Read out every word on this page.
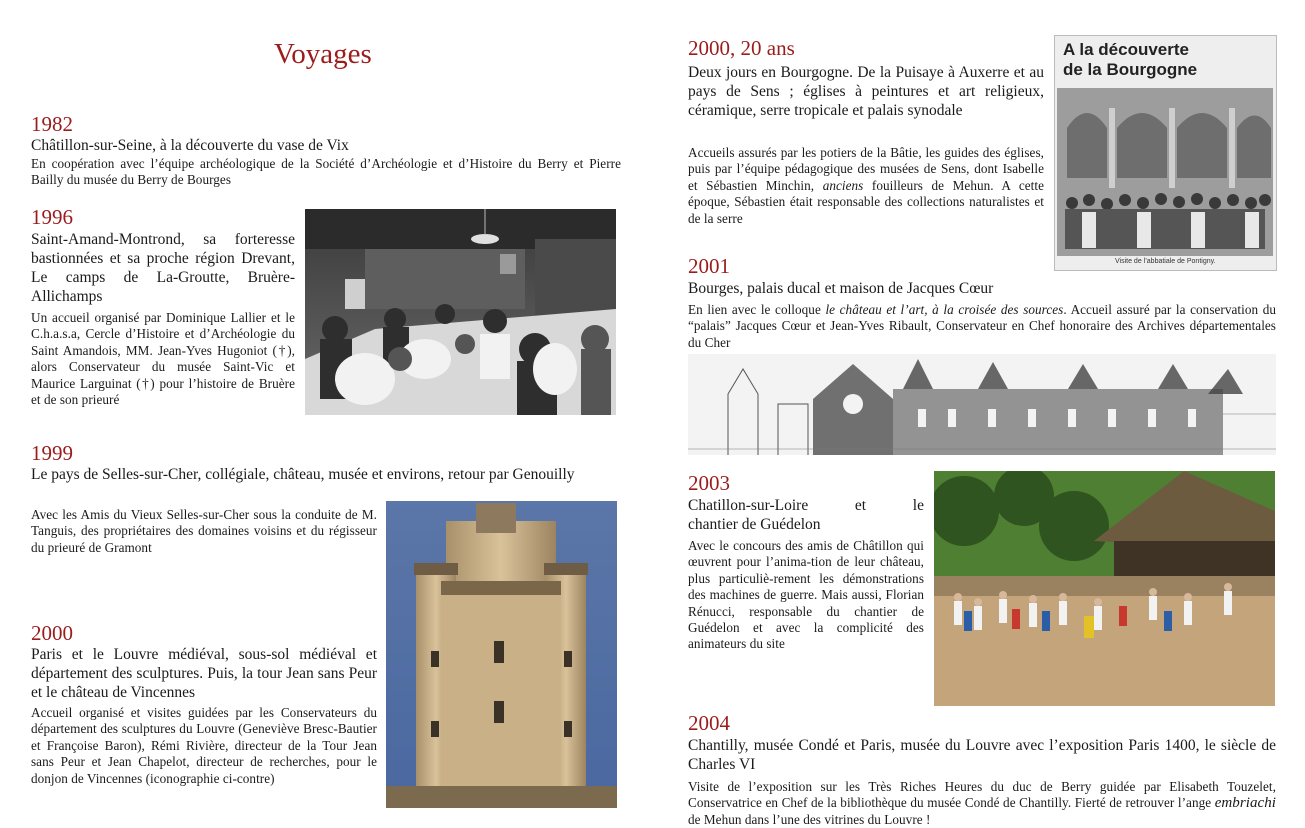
Voyages
1982

Châtillon-sur-Seine, à la découverte du vase de Vix

En coopération avec l’équipe archéologique de la Société d’Archéologie et d’Histoire du Berry et Pierre Bailly du musée du Berry de Bourges

1996

Saint-Amand-Montrond, sa forteresse bastionnées et sa proche région Drevant, Le camps de La-Groutte, Bruère-Allichamps

Un accueil organisé par Dominique Lallier et le C.h.a.s.a, Cercle d’Histoire et d’Archéologie du Saint Amandois, MM. Jean-Yves Hugoniot (†), alors Conservateur du musée Saint-Vic et Maurice Larguinat (†) pour l’histoire de Bruère et de son prieuré

1999

Le pays de Selles-sur-Cher, collégiale, château, musée et environs, retour par Genouilly

Avec les Amis du Vieux Selles-sur-Cher sous la conduite de M. Tanguis, des propriétaires des domaines voisins et du régisseur du prieuré de Gramont

2000

Paris et le Louvre médiéval, sous-sol médiéval et département des sculptures. Puis, la tour Jean sans Peur et le château de Vincennes

Accueil organisé et visites guidées par les Conservateurs du département des sculptures du Louvre (Geneviève Bresc-Bautier et Françoise Baron), Rémi Rivière, directeur de la Tour Jean sans Peur et Jean Chapelot, directeur de recherches, pour le donjon de Vincennes (iconographie ci-contre)

2000, 20 ans

Deux jours en Bourgogne. De la Puisaye à Auxerre et au pays de Sens ; églises à peintures et art religieux, céramique, serre tropicale et palais synodale

Accueils assurés par les potiers de la Bâtie, les guides des églises, puis par l’équipe pédagogique des musées de Sens, dont Isabelle et Sébastien Minchin, anciens fouilleurs de Mehun. A cette époque, Sébastien était responsable des collections naturalistes et de la serre

A la découverte
de la Bourgogne
Visite de l’abbatiale de Pontigny.
2001

Bourges, palais ducal et maison de Jacques Cœur

En lien avec le colloque le château et l’art, à la croisée des sources. Accueil assuré par la conservation du “palais” Jacques Cœur et Jean-Yves Ribault, Conservateur en Chef honoraire des Archives départementales du Cher

2003
Chatillon-sur-Loire et le
chantier de Guédelon

Avec le concours des amis de Châtillon qui œuvrent pour l’anima-tion de leur château, plus particuliè-rement les démonstrations des machines de guerre. Mais aussi, Florian Rénucci, responsable du chantier de Guédelon et avec la complicité des animateurs du site

2004

Chantilly, musée Condé et Paris, musée du Louvre avec l’exposition Paris 1400, le siècle de Charles VI

Visite de l’exposition sur les Très Riches Heures du duc de Berry guidée par Elisabeth Touzelet, Conservatrice en Chef de la bibliothèque du musée Condé de Chantilly. Fierté de retrouver l’ange embriachi de Mehun dans l’une des vitrines du Louvre !
